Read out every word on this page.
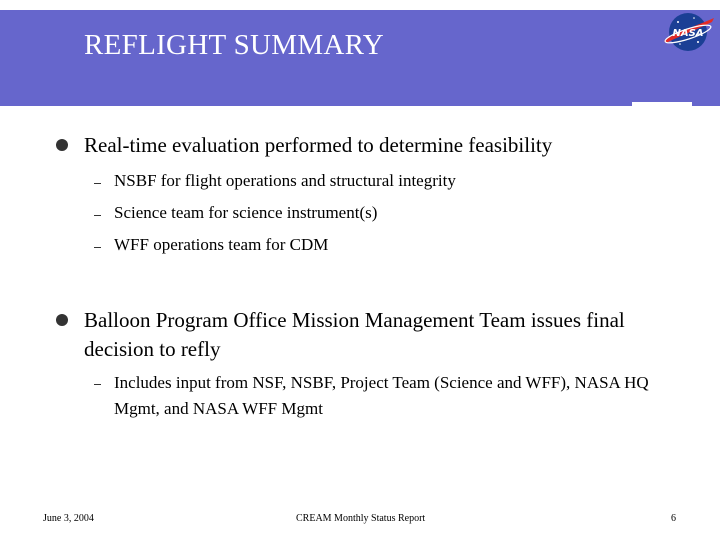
REFLIGHT SUMMARY	NASA
Real-time evaluation performed to determine feasibility
NSBF for flight operations and structural integrity
Science team for science instrument(s)
WFF operations team for CDM
Balloon Program Office Mission Management Team issues final decision to refly
Includes input from NSF, NSBF, Project Team (Science and WFF), NASA HQ Mgmt, and NASA WFF Mgmt
June 3, 2004	CREAM Monthly Status Report	6
